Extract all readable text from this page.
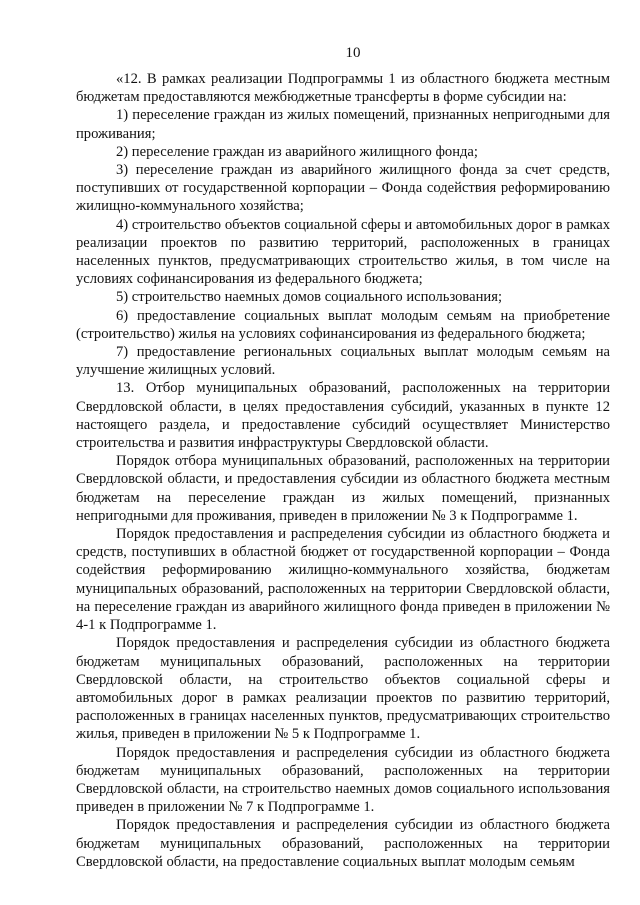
10

«12. В рамках реализации Подпрограммы 1 из областного бюджета местным бюджетам предоставляются межбюджетные трансферты в форме субсидии на:

1) переселение граждан из жилых помещений, признанных непригодными для проживания;

2) переселение граждан из аварийного жилищного фонда;

3) переселение граждан из аварийного жилищного фонда за счет средств, поступивших от государственной корпорации – Фонда содействия реформированию жилищно-коммунального хозяйства;

4) строительство объектов социальной сферы и автомобильных дорог в рамках реализации проектов по развитию территорий, расположенных в границах населенных пунктов, предусматривающих строительство жилья, в том числе на условиях софинансирования из федерального бюджета;

5) строительство наемных домов социального использования;

6) предоставление социальных выплат молодым семьям на приобретение (строительство) жилья на условиях софинансирования из федерального бюджета;

7) предоставление региональных социальных выплат молодым семьям на улучшение жилищных условий.

13. Отбор муниципальных образований, расположенных на территории Свердловской области, в целях предоставления субсидий, указанных в пункте 12 настоящего раздела, и предоставление субсидий осуществляет Министерство строительства и развития инфраструктуры Свердловской области.

Порядок отбора муниципальных образований, расположенных на территории Свердловской области, и предоставления субсидии из областного бюджета местным бюджетам на переселение граждан из жилых помещений, признанных непригодными для проживания, приведен в приложении № 3 к Подпрограмме 1.

Порядок предоставления и распределения субсидии из областного бюджета и средств, поступивших в областной бюджет от государственной корпорации – Фонда содействия реформированию жилищно-коммунального хозяйства, бюджетам муниципальных образований, расположенных на территории Свердловской области, на переселение граждан из аварийного жилищного фонда приведен в приложении № 4-1 к Подпрограмме 1.

Порядок предоставления и распределения субсидии из областного бюджета бюджетам муниципальных образований, расположенных на территории Свердловской области, на строительство объектов социальной сферы и автомобильных дорог в рамках реализации проектов по развитию территорий, расположенных в границах населенных пунктов, предусматривающих строительство жилья, приведен в приложении № 5 к Подпрограмме 1.

Порядок предоставления и распределения субсидии из областного бюджета бюджетам муниципальных образований, расположенных на территории Свердловской области, на строительство наемных домов социального использования приведен в приложении № 7 к Подпрограмме 1.

Порядок предоставления и распределения субсидии из областного бюджета бюджетам муниципальных образований, расположенных на территории Свердловской области, на предоставление социальных выплат молодым семьям
